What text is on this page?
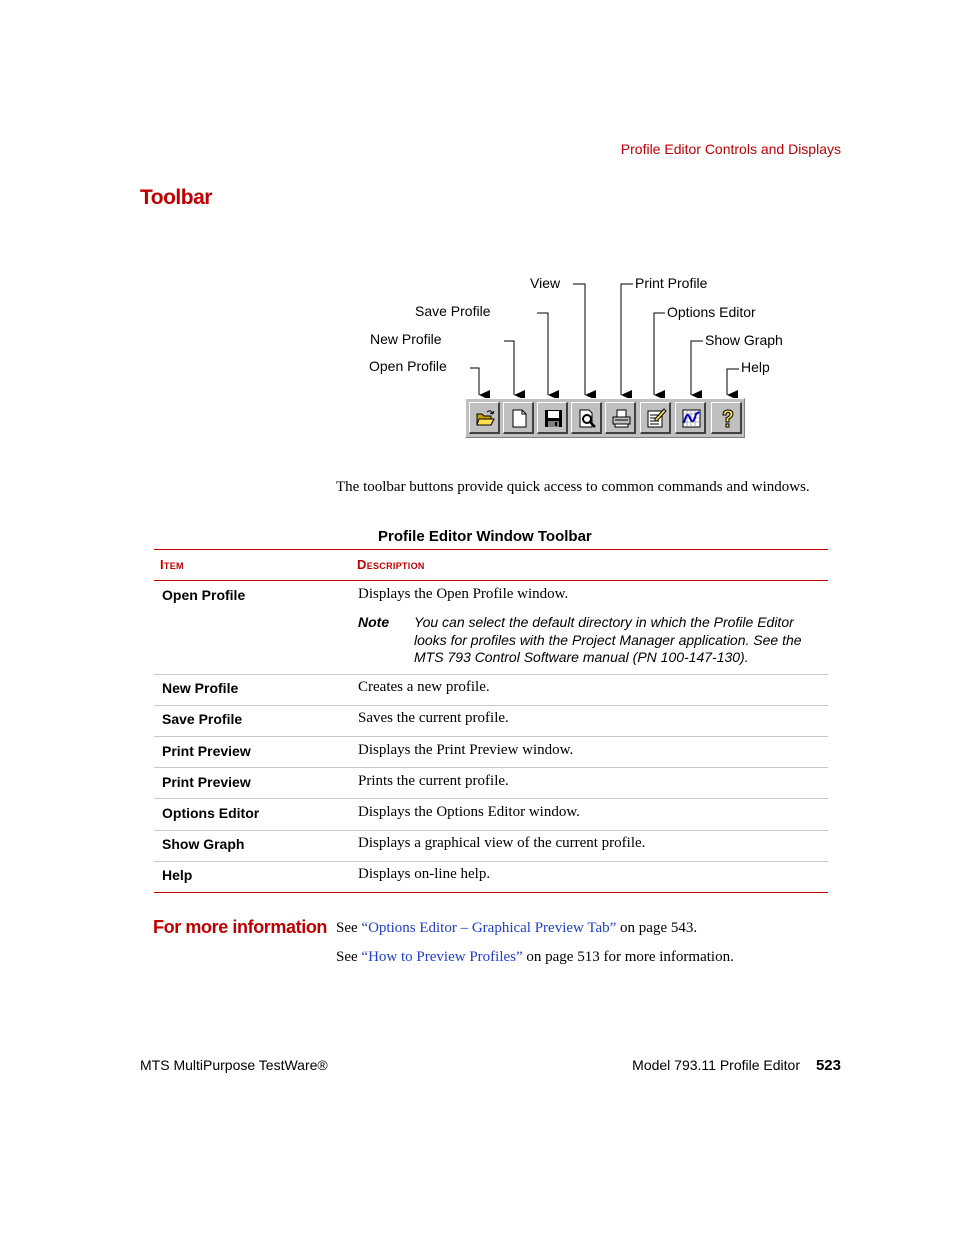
Profile Editor Controls and Displays
Toolbar
View	Print Profile
Save Profile	Options Editor
New Profile	Show Graph
Open Profile	Help
The toolbar buttons provide quick access to common commands and windows.
Profile Editor Window Toolbar
Item	Description
Open Profile	Displays the Open Profile window.
Note You can select the default directory in which the Profile Editor looks for profiles with the Project Manager application. See the MTS 793 Control Software manual (PN 100-147-130).
New Profile	Creates a new profile.
Save Profile	Saves the current profile.
Print Preview	Displays the Print Preview window.
Print Preview	Prints the current profile.
Options Editor	Displays the Options Editor window.
Show Graph	Displays a graphical view of the current profile.
Help	Displays on-line help.
For more information See “Options Editor – Graphical Preview Tab” on page 543.
See “How to Preview Profiles” on page 513 for more information.
MTS MultiPurpose TestWare®	Model 793.11 Profile Editor 523
